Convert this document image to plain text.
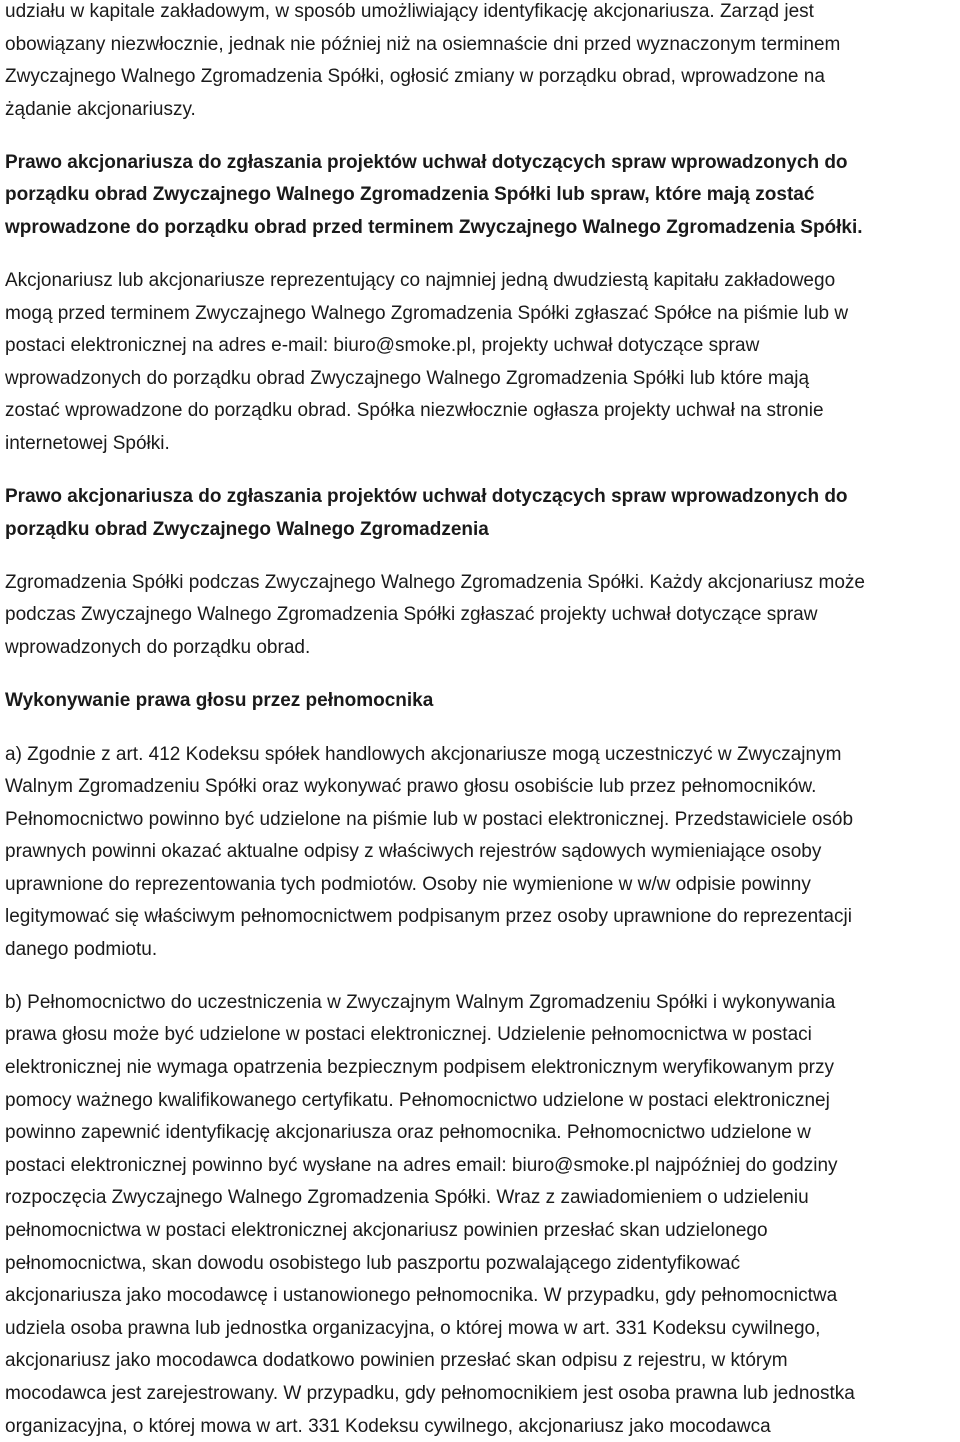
udziału w kapitale zakładowym, w sposób umożliwiający identyfikację akcjonariusza. Zarząd jest
obowiązany niezwłocznie, jednak nie później niż na osiemnaście dni przed wyznaczonym terminem
Zwyczajnego Walnego Zgromadzenia Spółki, ogłosić zmiany w porządku obrad, wprowadzone na
żądanie akcjonariuszy.
Prawo akcjonariusza do zgłaszania projektów uchwał dotyczących spraw wprowadzonych do
porządku obrad Zwyczajnego Walnego Zgromadzenia Spółki lub spraw, które mają zostać
wprowadzone do porządku obrad przed terminem Zwyczajnego Walnego Zgromadzenia Spółki.
Akcjonariusz lub akcjonariusze reprezentujący co najmniej jedną dwudziestą kapitału zakładowego
mogą przed terminem Zwyczajnego Walnego Zgromadzenia Spółki zgłaszać Spółce na piśmie lub w
postaci elektronicznej na adres e-mail: biuro@smoke.pl, projekty uchwał dotyczące spraw
wprowadzonych do porządku obrad Zwyczajnego Walnego Zgromadzenia Spółki lub które mają
zostać wprowadzone do porządku obrad. Spółka niezwłocznie ogłasza projekty uchwał na stronie
internetowej Spółki.
Prawo akcjonariusza do zgłaszania projektów uchwał dotyczących spraw wprowadzonych do
porządku obrad Zwyczajnego Walnego Zgromadzenia
Zgromadzenia Spółki podczas Zwyczajnego Walnego Zgromadzenia Spółki. Każdy akcjonariusz może
podczas Zwyczajnego Walnego Zgromadzenia Spółki zgłaszać projekty uchwał dotyczące spraw
wprowadzonych do porządku obrad.
Wykonywanie prawa głosu przez pełnomocnika
a) Zgodnie z art. 412 Kodeksu spółek handlowych akcjonariusze mogą uczestniczyć w Zwyczajnym
Walnym Zgromadzeniu Spółki oraz wykonywać prawo głosu osobiście lub przez pełnomocników.
Pełnomocnictwo powinno być udzielone na piśmie lub w postaci elektronicznej. Przedstawiciele osób
prawnych powinni okazać aktualne odpisy z właściwych rejestrów sądowych wymieniające osoby
uprawnione do reprezentowania tych podmiotów. Osoby nie wymienione w w/w odpisie powinny
legitymować się właściwym pełnomocnictwem podpisanym przez osoby uprawnione do reprezentacji
danego podmiotu.
b) Pełnomocnictwo do uczestniczenia w Zwyczajnym Walnym Zgromadzeniu Spółki i wykonywania
prawa głosu może być udzielone w postaci elektronicznej. Udzielenie pełnomocnictwa w postaci
elektronicznej nie wymaga opatrzenia bezpiecznym podpisem elektronicznym weryfikowanym przy
pomocy ważnego kwalifikowanego certyfikatu. Pełnomocnictwo udzielone w postaci elektronicznej
powinno zapewnić identyfikację akcjonariusza oraz pełnomocnika. Pełnomocnictwo udzielone w
postaci elektronicznej powinno być wysłane na adres email: biuro@smoke.pl najpóźniej do godziny
rozpoczęcia Zwyczajnego Walnego Zgromadzenia Spółki. Wraz z zawiadomieniem o udzieleniu
pełnomocnictwa w postaci elektronicznej akcjonariusz powinien przesłać skan udzielonego
pełnomocnictwa, skan dowodu osobistego lub paszportu pozwalającego zidentyfikować
akcjonariusza jako mocodawcę i ustanowionego pełnomocnika. W przypadku, gdy pełnomocnictwa
udziela osoba prawna lub jednostka organizacyjna, o której mowa w art. 331 Kodeksu cywilnego,
akcjonariusz jako mocodawca dodatkowo powinien przesłać skan odpisu z rejestru, w którym
mocodawca jest zarejestrowany. W przypadku, gdy pełnomocnikiem jest osoba prawna lub jednostka
organizacyjna, o której mowa w art. 331 Kodeksu cywilnego, akcjonariusz jako mocodawca
